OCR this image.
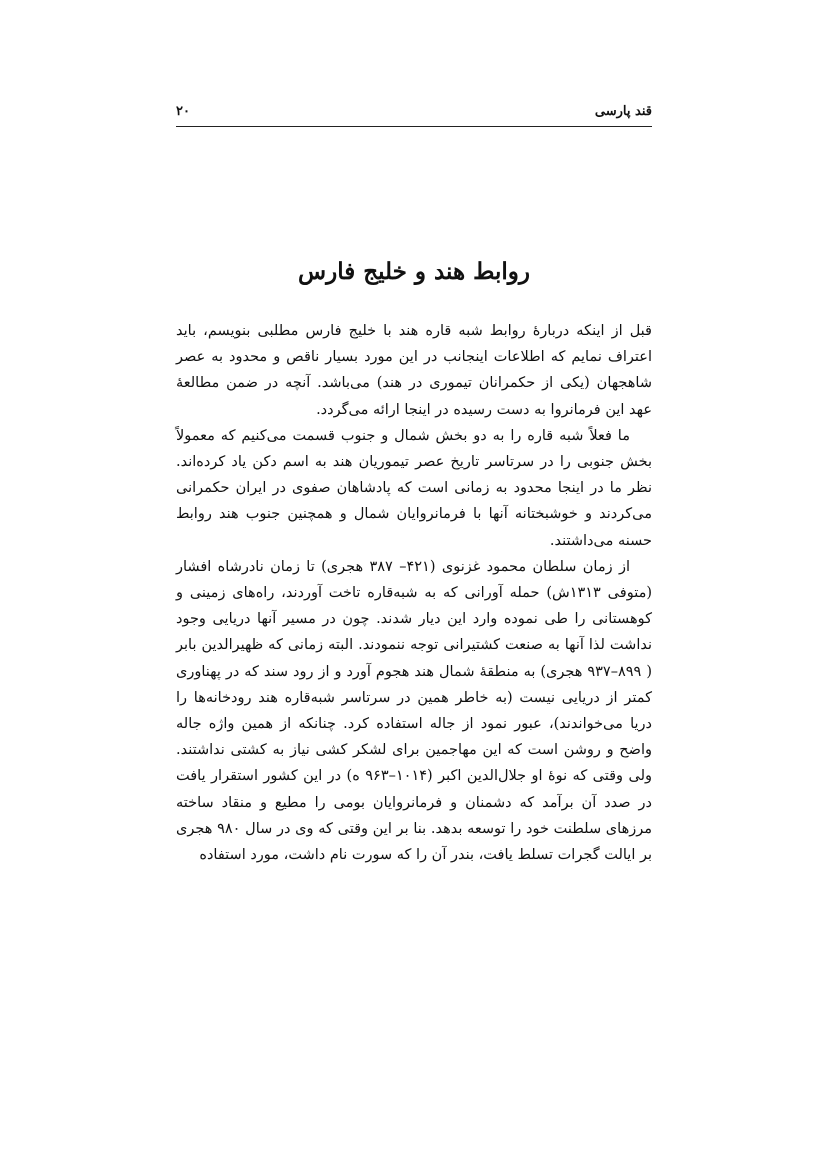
قند پارسی
۲۰
روابط هند و خلیج فارس

قبل از اینکه دربارهٔ روابط شبه قاره هند با خلیج فارس مطلبی بنویسم، باید اعتراف نمایم که اطلاعات اینجانب در این مورد بسیار ناقص و محدود به عصر شاهجهان (یکی از حکمرانان تیموری در هند) می‌باشد. آنچه در ضمن مطالعهٔ عهد این فرمانروا به دست رسیده در اینجا ارائه می‌گردد.

ما فعلاً شبه قاره را به دو بخش شمال و جنوب قسمت می‌کنیم که معمولاً بخش جنوبی را در سرتاسر تاریخ عصر تیموریان هند به اسم دکن یاد کرده‌اند. نظر ما در اینجا محدود به زمانی است که پادشاهان صفوی در ایران حکمرانی می‌کردند و خوشبختانه آنها با فرمانروایان شمال و همچنین جنوب هند روابط حسنه می‌داشتند.

از زمان سلطان محمود غزنوی (۴۲۱– ۳۸۷ هجری) تا زمان نادرشاه افشار (متوفی ۱۳۱۳ش) حمله آورانی که به شبه‌قاره تاخت آوردند، راه‌های زمینی و کوهستانی را طی نموده وارد این دیار شدند. چون در مسیر آنها دریایی وجود نداشت لذا آنها به صنعت کشتیرانی توجه ننمودند. البته زمانی که ظهیرالدین بابر ( ۸۹۹–۹۳۷ هجری) به منطقهٔ شمال هند هجوم آورد و از رود سند که در پهناوری کمتر از دریایی نیست (به خاطر همین در سرتاسر شبه‌قاره هند رودخانه‌ها را دریا می‌خواندند)، عبور نمود از جاله استفاده کرد. چنانکه از همین واژه جاله واضح و روشن است که این مهاجمین برای لشکر کشی نیاز به کشتی نداشتند. ولی وقتی که نوهٔ او جلال‌الدین اکبر (۱۰۱۴–۹۶۳ ه) در این کشور استقرار یافت در صدد آن برآمد که دشمنان و فرمانروایان بومی را مطیع و منقاد ساخته مرزهای سلطنت خود را توسعه بدهد. بنا بر این وقتی که وی در سال ۹۸۰ هجری بر ایالت گجرات تسلط یافت، بندر آن را که سورت نام داشت، مورد استفاده
